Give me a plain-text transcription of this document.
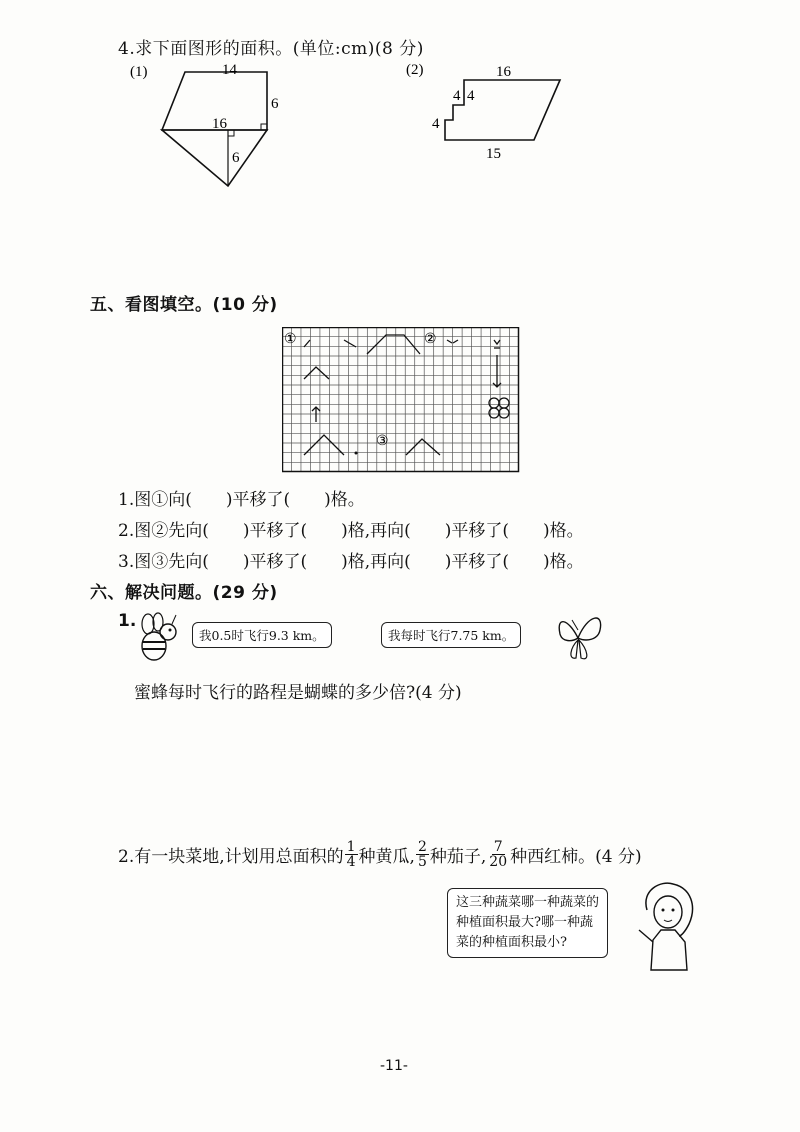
4.求下面图形的面积。(单位:cm)(8 分)
(1)	14
6
16
6
(2)	16
4 4
4
15
五、看图填空。(10 分)
①	②
③
1.图①向(　　)平移了(　　)格。
2.图②先向(　　)平移了(　　)格,再向(　　)平移了(　　)格。
3.图③先向(　　)平移了(　　)格,再向(　　)平移了(　　)格。
六、解决问题。(29 分)
1.
我0.5时飞行9.3 km。	我每时飞行7.75 km。
蜜蜂每时飞行的路程是蝴蝶的多少倍?(4 分)
2.有一块菜地,计划用总面积的 $\frac{1}{4}$ 种黄瓜, $\frac{2}{5}$ 种茄子, $\frac{7}{20}$ 种西红柿。(4 分)
这三种蔬菜哪一种蔬菜的
种植面积最大?哪一种蔬
菜的种植面积最小?
-11-
